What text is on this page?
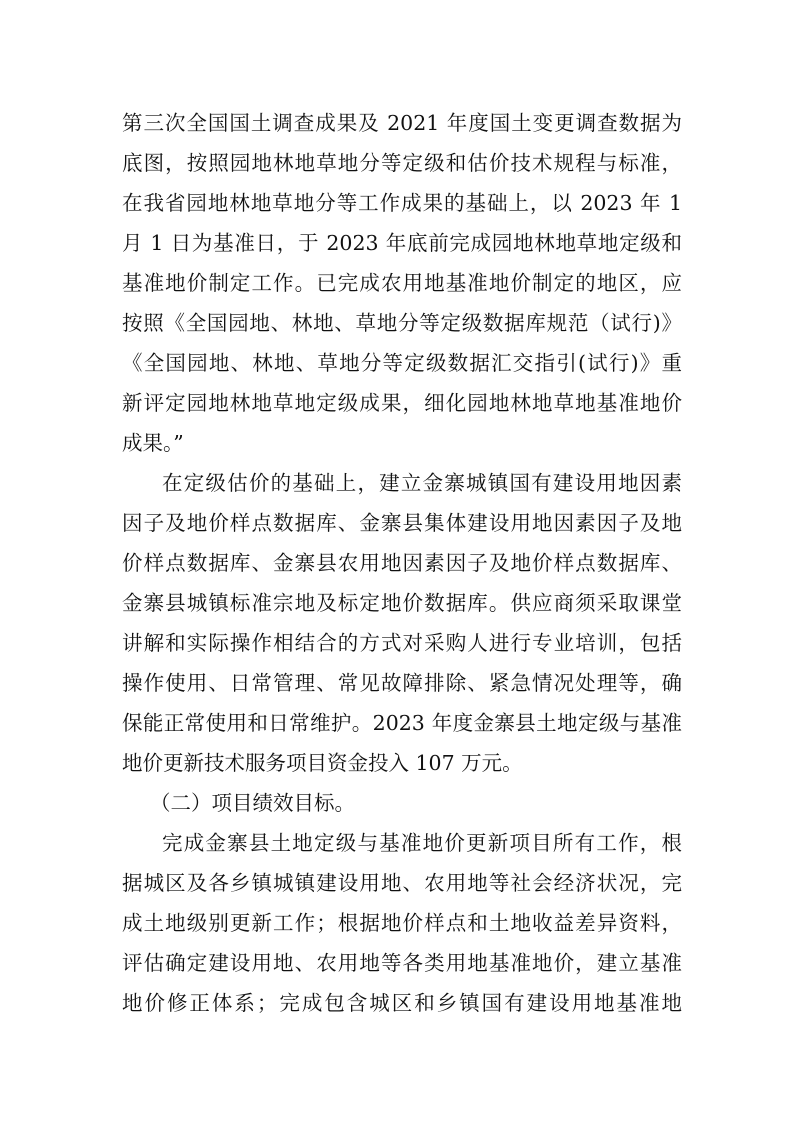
第三次全国国土调查成果及 2021 年度国土变更调查数据为
底图，按照园地林地草地分等定级和估价技术规程与标准，
在我省园地林地草地分等工作成果的基础上，以 2023 年 1
月 1 日为基准日，于 2023 年底前完成园地林地草地定级和
基准地价制定工作。已完成农用地基准地价制定的地区，应
按照《全国园地、林地、草地分等定级数据库规范（试行)》
《全国园地、林地、草地分等定级数据汇交指引(试行)》重
新评定园地林地草地定级成果，细化园地林地草地基准地价
成果。”
在定级估价的基础上，建立金寨城镇国有建设用地因素
因子及地价样点数据库、金寨县集体建设用地因素因子及地
价样点数据库、金寨县农用地因素因子及地价样点数据库、
金寨县城镇标准宗地及标定地价数据库。供应商须采取课堂
讲解和实际操作相结合的方式对采购人进行专业培训，包括
操作使用、日常管理、常见故障排除、紧急情况处理等，确
保能正常使用和日常维护。2023 年度金寨县土地定级与基准
地价更新技术服务项目资金投入 107 万元。
（二）项目绩效目标。
完成金寨县土地定级与基准地价更新项目所有工作，根
据城区及各乡镇城镇建设用地、农用地等社会经济状况，完
成土地级别更新工作；根据地价样点和土地收益差异资料，
评估确定建设用地、农用地等各类用地基准地价，建立基准
地价修正体系；完成包含城区和乡镇国有建设用地基准地
